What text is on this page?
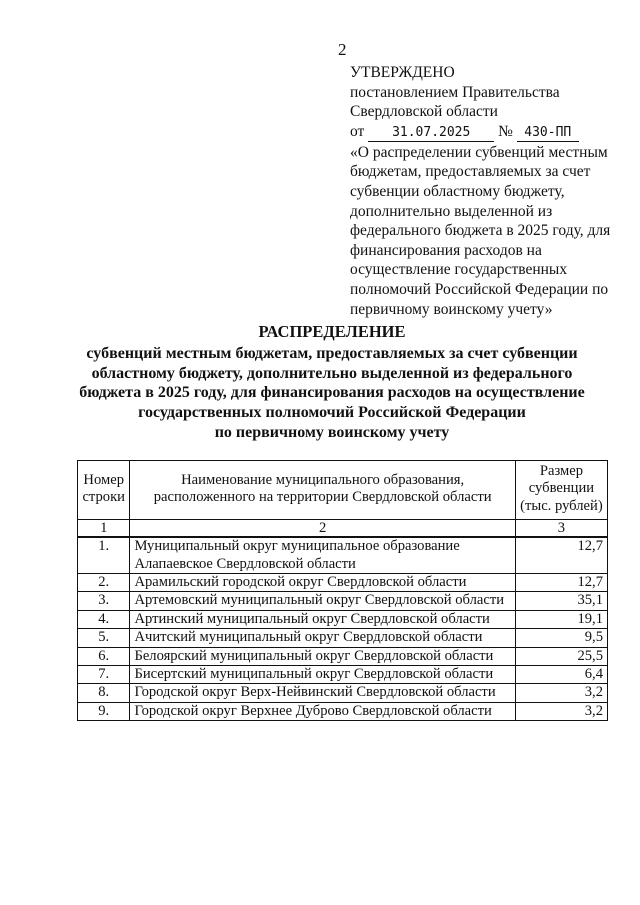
2
УТВЕРЖДЕНО
постановлением Правительства
Свердловской области
от 31.07.2025 № 430-ПП
«О распределении субвенций местным бюджетам, предоставляемых за счет субвенции областному бюджету, дополнительно выделенной из федерального бюджета в 2025 году, для финансирования расходов на осуществление государственных полномочий Российской Федерации по первичному воинскому учету»
РАСПРЕДЕЛЕНИЕ
субвенций местным бюджетам, предоставляемых за счет субвенции
областному бюджету, дополнительно выделенной из федерального
бюджета в 2025 году, для финансирования расходов на осуществление
государственных полномочий Российской Федерации
по первичному воинскому учету
Номер строки	Наименование муниципального образования, расположенного на территории Свердловской области	Размер субвенции (тыс. рублей)
1	2	3
1.	Муниципальный округ муниципальное образование Алапаевское Свердловской области	12,7
2.	Арамильский городской округ Свердловской области	12,7
3.	Артемовский муниципальный округ Свердловской области	35,1
4.	Артинский муниципальный округ Свердловской области	19,1
5.	Ачитский муниципальный округ Свердловской области	9,5
6.	Белоярский муниципальный округ Свердловской области	25,5
7.	Бисертский муниципальный округ Свердловской области	6,4
8.	Городской округ Верх-Нейвинский Свердловской области	3,2
9.	Городской округ Верхнее Дуброво Свердловской области	3,2
